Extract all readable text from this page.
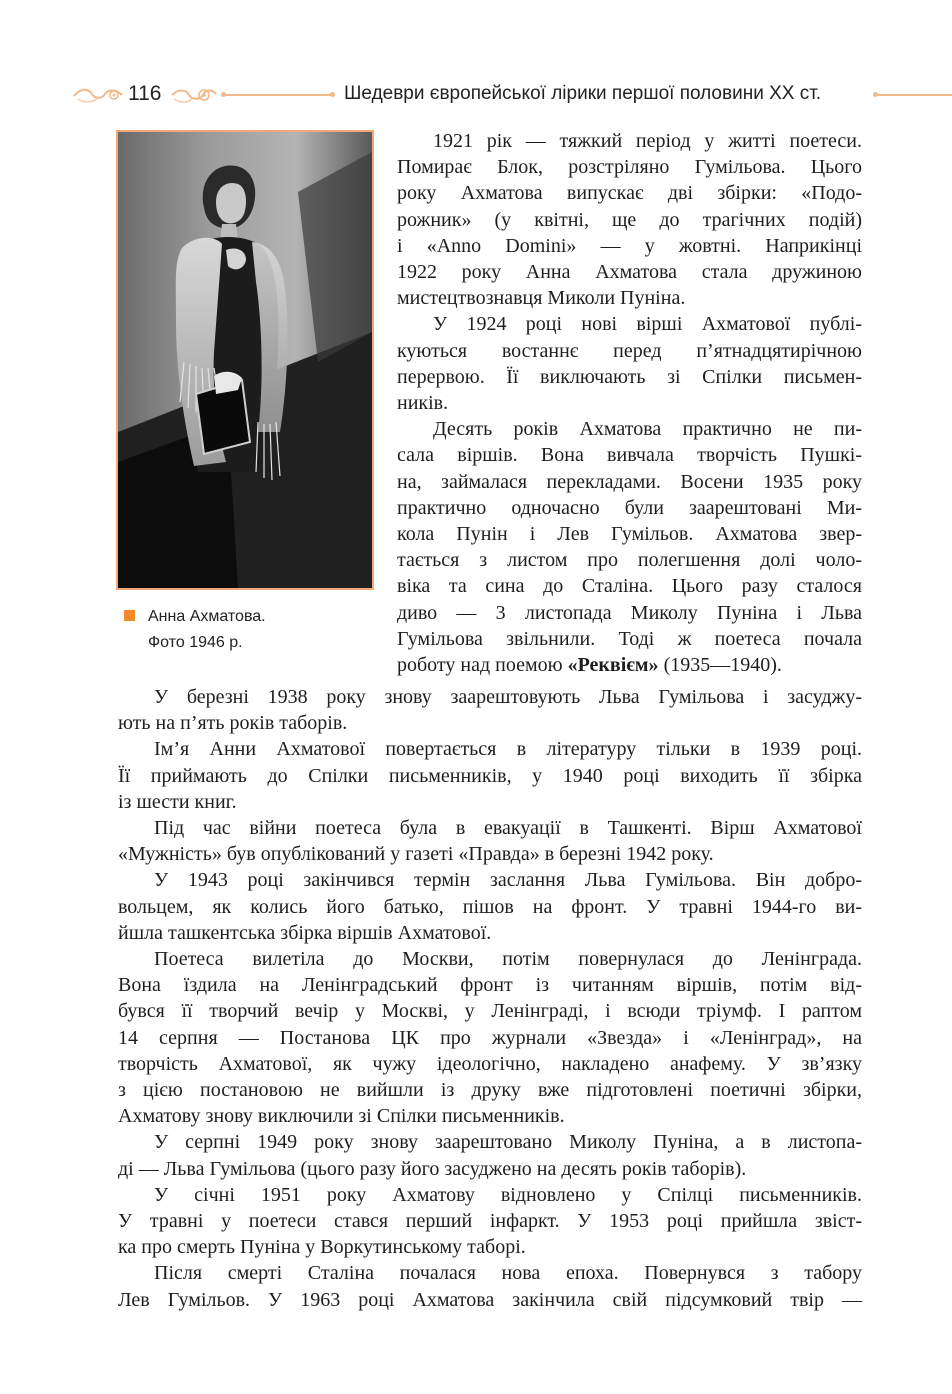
116	Шедеври європейської лірики першої половини XX ст.
Анна Ахматова.
Фото 1946 р.

1921 рік — тяжкий період у житті поетеси.
Помирає Блок, розстріляно Гумільова. Цього
року Ахматова випускає дві збірки: «Подо-
рожник» (у квітні, ще до трагічних подій)
і «Anno Domini» — у жовтні. Наприкінці
1922 року Анна Ахматова стала дружиною
мистецтвознавця Миколи Пуніна.

У 1924 році нові вірші Ахматової публі-
куються востаннє перед п’ятнадцятирічною
перервою. Її виключають зі Спілки письмен-
ників.

Десять років Ахматова практично не пи-
сала віршів. Вона вивчала творчість Пушкі-
на, займалася перекладами. Восени 1935 року
практично одночасно були заарештовані Ми-
кола Пунін і Лев Гумільов. Ахматова звер-
тається з листом про полегшення долі чоло-
віка та сина до Сталіна. Цього разу сталося
диво — 3 листопада Миколу Пуніна і Льва
Гумільова звільнили. Тоді ж поетеса почала
роботу над поемою «Реквієм» (1935—1940).

У березні 1938 року знову заарештовують Льва Гумільова і засуджу-
ють на п’ять років таборів.

Ім’я Анни Ахматової повертається в літературу тільки в 1939 році.
Її приймають до Спілки письменників, у 1940 році виходить її збірка
із шести книг.

Під час війни поетеса була в евакуації в Ташкенті. Вірш Ахматової
«Мужність» був опублікований у газеті «Правда» в березні 1942 року.

У 1943 році закінчився термін заслання Льва Гумільова. Він добро-
вольцем, як колись його батько, пішов на фронт. У травні 1944-го ви-
йшла ташкентська збірка віршів Ахматової.

Поетеса вилетіла до Москви, потім повернулася до Ленінграда.
Вона їздила на Ленінградський фронт із читанням віршів, потім від-
бувся її творчий вечір у Москві, у Ленінграді, і всюди тріумф. І раптом
14 серпня — Постанова ЦК про журнали «Звезда» і «Ленінград», на
творчість Ахматової, як чужу ідеологічно, накладено анафему. У зв’язку
з цією постановою не вийшли із друку вже підготовлені поетичні збірки,
Ахматову знову виключили зі Спілки письменників.

У серпні 1949 року знову заарештовано Миколу Пуніна, а в листопа-
ді — Льва Гумільова (цього разу його засуджено на десять років таборів).

У січні 1951 року Ахматову відновлено у Спілці письменників.
У травні у поетеси стався перший інфаркт. У 1953 році прийшла звіст-
ка про смерть Пуніна у Воркутинському таборі.

Після смерті Сталіна почалася нова епоха. Повернувся з табору
Лев Гумільов. У 1963 році Ахматова закінчила свій підсумковий твір —
